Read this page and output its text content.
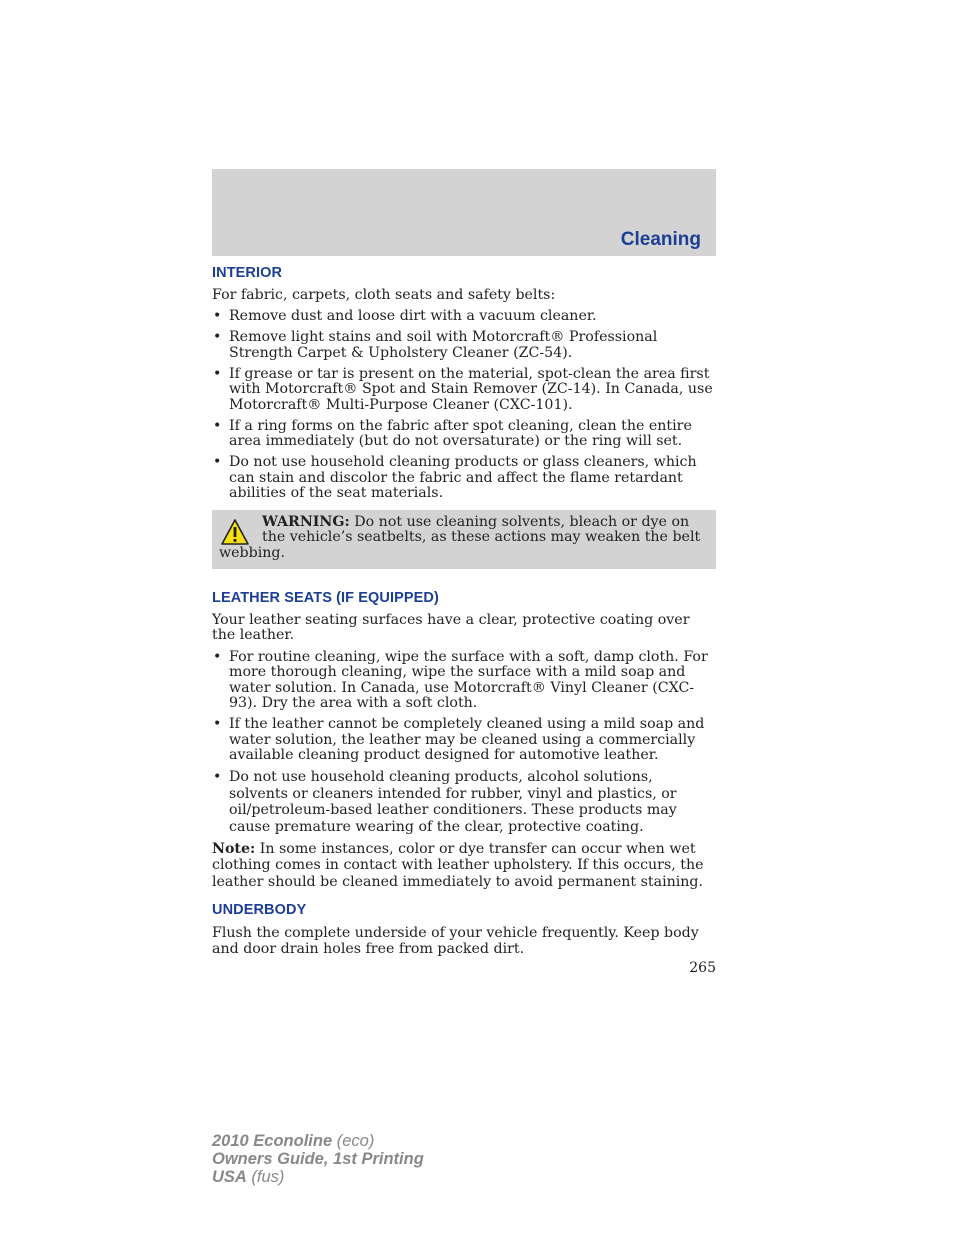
Cleaning
INTERIOR

For fabric, carpets, cloth seats and safety belts:

• Remove dust and loose dirt with a vacuum cleaner.
• Remove light stains and soil with Motorcraft® Professional Strength Carpet & Upholstery Cleaner (ZC-54).
• If grease or tar is present on the material, spot-clean the area first with Motorcraft® Spot and Stain Remover (ZC-14). In Canada, use Motorcraft® Multi-Purpose Cleaner (CXC-101).
• If a ring forms on the fabric after spot cleaning, clean the entire area immediately (but do not oversaturate) or the ring will set.
• Do not use household cleaning products or glass cleaners, which can stain and discolor the fabric and affect the flame retardant abilities of the seat materials.
WARNING: Do not use cleaning solvents, bleach or dye on the vehicle’s seatbelts, as these actions may weaken the belt webbing.
LEATHER SEATS (IF EQUIPPED)

Your leather seating surfaces have a clear, protective coating over the leather.

• For routine cleaning, wipe the surface with a soft, damp cloth. For more thorough cleaning, wipe the surface with a mild soap and water solution. In Canada, use Motorcraft® Vinyl Cleaner (CXC-93). Dry the area with a soft cloth.
• If the leather cannot be completely cleaned using a mild soap and water solution, the leather may be cleaned using a commercially available cleaning product designed for automotive leather.
• Do not use household cleaning products, alcohol solutions, solvents or cleaners intended for rubber, vinyl and plastics, or oil/petroleum-based leather conditioners. These products may cause premature wearing of the clear, protective coating.

Note: In some instances, color or dye transfer can occur when wet clothing comes in contact with leather upholstery. If this occurs, the leather should be cleaned immediately to avoid permanent staining.

UNDERBODY

Flush the complete underside of your vehicle frequently. Keep body and door drain holes free from packed dirt.

265
2010 Econoline (eco)
Owners Guide, 1st Printing
USA (fus)
